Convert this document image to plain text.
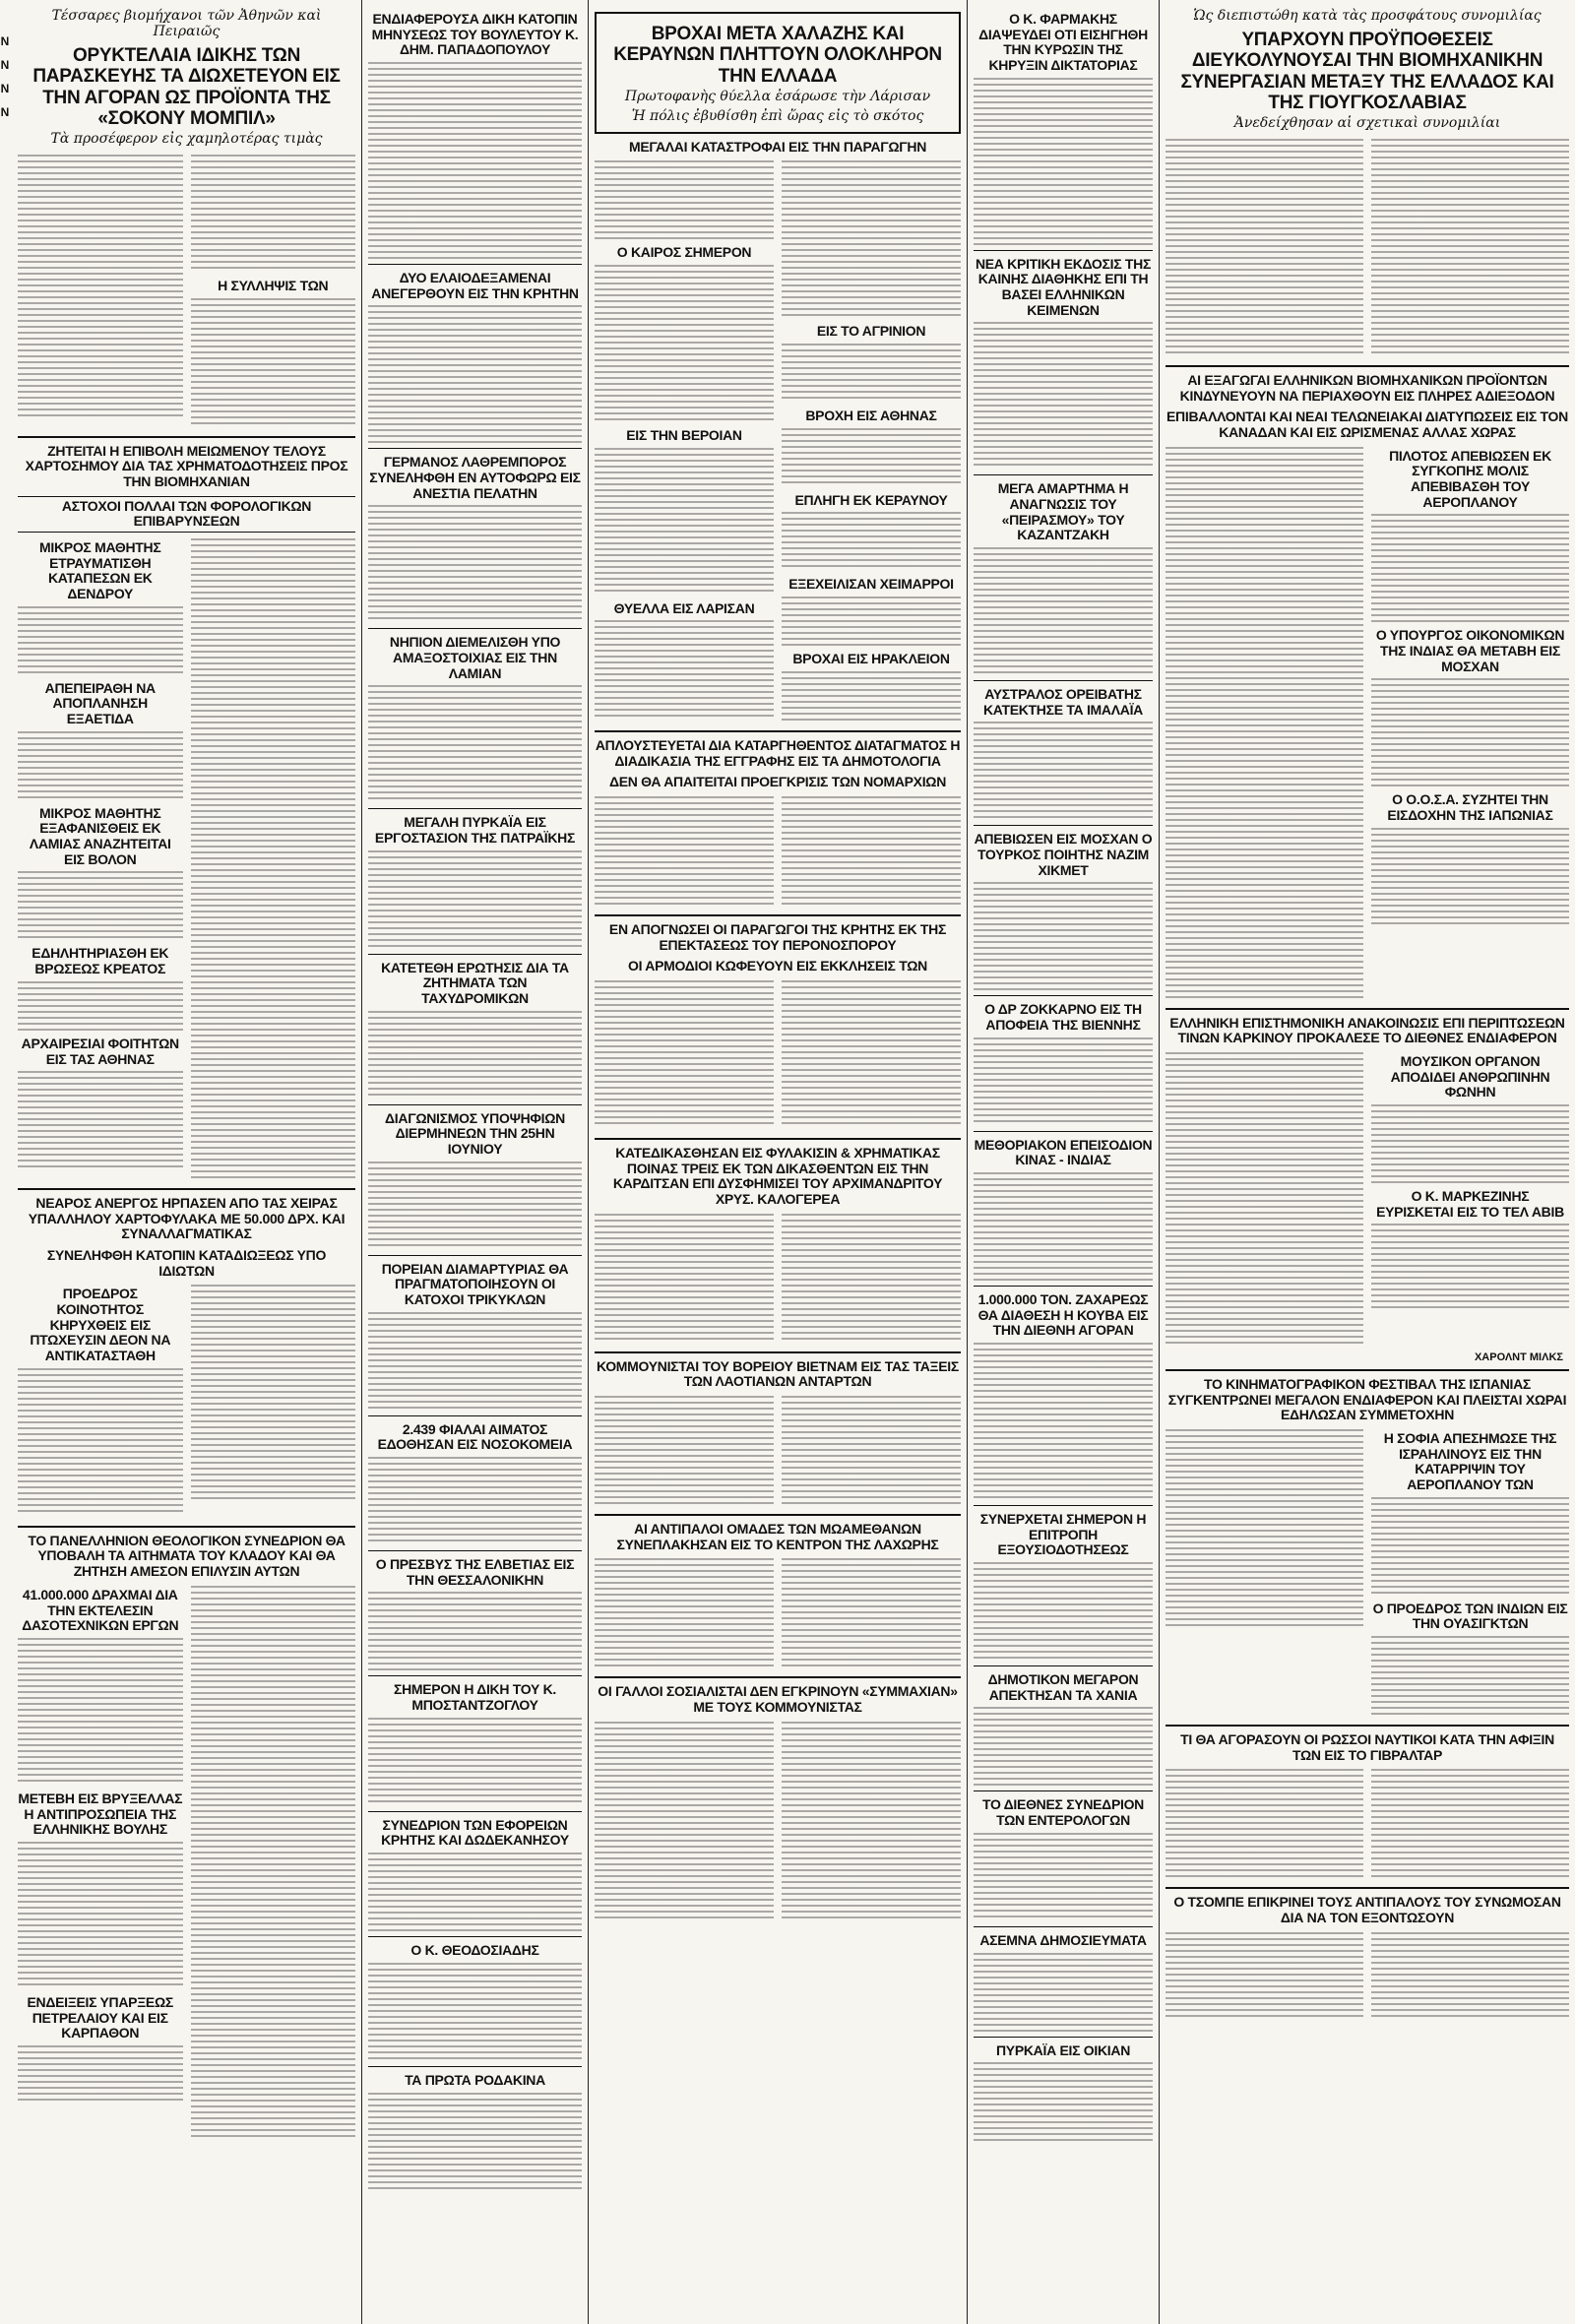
N
N
N
N
Τέσσαρες βιομήχανοι τῶν Ἀθηνῶν καὶ Πειραιῶς
ΟΡΥΚΤΕΛΑΙΑ ΙΔΙΚΗΣ ΤΩΝ ΠΑΡΑΣΚΕΥΗΣ ΤΑ ΔΙΩΧΕΤΕΥΟΝ ΕΙΣ ΤΗΝ ΑΓΟΡΑΝ ΩΣ ΠΡΟΪΟΝΤΑ ΤΗΣ «ΣΟΚΟΝΥ ΜΟΜΠΙΛ»
Τὰ προσέφερον εἰς χαμηλοτέρας τιμὰς
Η ΣΥΛΛΗΨΙΣ ΤΩΝ
ΖΗΤΕΙΤΑΙ Η ΕΠΙΒΟΛΗ ΜΕΙΩΜΕΝΟΥ ΤΕΛΟΥΣ ΧΑΡΤΟΣΗΜΟΥ ΔΙΑ ΤΑΣ ΧΡΗΜΑΤΟΔΟΤΗΣΕΙΣ ΠΡΟΣ ΤΗΝ ΒΙΟΜΗΧΑΝΙΑΝ
ΑΣΤΟΧΟΙ ΠΟΛΛΑΙ ΤΩΝ ΦΟΡΟΛΟΓΙΚΩΝ ΕΠΙΒΑΡΥΝΣΕΩΝ
ΜΙΚΡΟΣ ΜΑΘΗΤΗΣ ΕΤΡΑΥΜΑΤΙΣΘΗ ΚΑΤΑΠΕΣΩΝ ΕΚ ΔΕΝΔΡΟΥ
ΑΠΕΠΕΙΡΑΘΗ ΝΑ ΑΠΟΠΛΑΝΗΣΗ ΕΞΑΕΤΙΔΑ
ΜΙΚΡΟΣ ΜΑΘΗΤΗΣ ΕΞΑΦΑΝΙΣΘΕΙΣ ΕΚ ΛΑΜΙΑΣ ΑΝΑΖΗΤΕΙΤΑΙ ΕΙΣ ΒΟΛΟΝ
ΕΔΗΛΗΤΗΡΙΑΣΘΗ ΕΚ ΒΡΩΣΕΩΣ ΚΡΕΑΤΟΣ
ΑΡΧΑΙΡΕΣΙΑΙ ΦΟΙΤΗΤΩΝ ΕΙΣ ΤΑΣ ΑΘΗΝΑΣ
ΝΕΑΡΟΣ ΑΝΕΡΓΟΣ ΗΡΠΑΣΕΝ ΑΠΟ ΤΑΣ ΧΕΙΡΑΣ ΥΠΑΛΛΗΛΟΥ ΧΑΡΤΟΦΥΛΑΚΑ ΜΕ 50.000 ΔΡΧ. ΚΑΙ ΣΥΝΑΛΛΑΓΜΑΤΙΚΑΣ
ΣΥΝΕΛΗΦΘΗ ΚΑΤΟΠΙΝ ΚΑΤΑΔΙΩΞΕΩΣ ΥΠΟ ΙΔΙΩΤΩΝ
ΠΡΟΕΔΡΟΣ ΚΟΙΝΟΤΗΤΟΣ ΚΗΡΥΧΘΕΙΣ ΕΙΣ ΠΤΩΧΕΥΣΙΝ ΔΕΟΝ ΝΑ ΑΝΤΙΚΑΤΑΣΤΑΘΗ
ΤΟ ΠΑΝΕΛΛΗΝΙΟΝ ΘΕΟΛΟΓΙΚΟΝ ΣΥΝΕΔΡΙΟΝ ΘΑ ΥΠΟΒΑΛΗ ΤΑ ΑΙΤΗΜΑΤΑ ΤΟΥ ΚΛΑΔΟΥ ΚΑΙ ΘΑ ΖΗΤΗΣΗ ΑΜΕΣΟΝ ΕΠΙΛΥΣΙΝ ΑΥΤΩΝ
41.000.000 ΔΡΑΧΜΑΙ ΔΙΑ ΤΗΝ ΕΚΤΕΛΕΣΙΝ ΔΑΣΟΤΕΧΝΙΚΩΝ ΕΡΓΩΝ
ΜΕΤΕΒΗ ΕΙΣ ΒΡΥΞΕΛΛΑΣ Η ΑΝΤΙΠΡΟΣΩΠΕΙΑ ΤΗΣ ΕΛΛΗΝΙΚΗΣ ΒΟΥΛΗΣ
ΕΝΔΕΙΞΕΙΣ ΥΠΑΡΞΕΩΣ ΠΕΤΡΕΛΑΙΟΥ ΚΑΙ ΕΙΣ ΚΑΡΠΑΘΟΝ
ΕΝΔΙΑΦΕΡΟΥΣΑ ΔΙΚΗ ΚΑΤΟΠΙΝ ΜΗΝΥΣΕΩΣ ΤΟΥ ΒΟΥΛΕΥΤΟΥ Κ. ΔΗΜ. ΠΑΠΑΔΟΠΟΥΛΟΥ
ΔΥΟ ΕΛΑΙΟΔΕΞΑΜΕΝΑΙ ΑΝΕΓΕΡΘΟΥΝ ΕΙΣ ΤΗΝ ΚΡΗΤΗΝ
ΓΕΡΜΑΝΟΣ ΛΑΘΡΕΜΠΟΡΟΣ ΣΥΝΕΛΗΦΘΗ ΕΝ ΑΥΤΟΦΩΡΩ ΕΙΣ ΑΝΕΣΤΙΑ ΠΕΛΑΤΗΝ
ΝΗΠΙΟΝ ΔΙΕΜΕΛΙΣΘΗ ΥΠΟ ΑΜΑΞΟΣΤΟΙΧΙΑΣ ΕΙΣ ΤΗΝ ΛΑΜΙΑΝ
ΜΕΓΑΛΗ ΠΥΡΚΑΪΑ ΕΙΣ ΕΡΓΟΣΤΑΣΙΟΝ ΤΗΣ ΠΑΤΡΑΪΚΗΣ
ΚΑΤΕΤΕΘΗ ΕΡΩΤΗΣΙΣ ΔΙΑ ΤΑ ΖΗΤΗΜΑΤΑ ΤΩΝ ΤΑΧΥΔΡΟΜΙΚΩΝ
ΔΙΑΓΩΝΙΣΜΟΣ ΥΠΟΨΗΦΙΩΝ ΔΙΕΡΜΗΝΕΩΝ ΤΗΝ 25ΗΝ ΙΟΥΝΙΟΥ
ΠΟΡΕΙΑΝ ΔΙΑΜΑΡΤΥΡΙΑΣ ΘΑ ΠΡΑΓΜΑΤΟΠΟΙΗΣΟΥΝ ΟΙ ΚΑΤΟΧΟΙ ΤΡΙΚΥΚΛΩΝ
2.439 ΦΙΑΛΑΙ ΑΙΜΑΤΟΣ ΕΔΟΘΗΣΑΝ ΕΙΣ ΝΟΣΟΚΟΜΕΙΑ
Ο ΠΡΕΣΒΥΣ ΤΗΣ ΕΛΒΕΤΙΑΣ ΕΙΣ ΤΗΝ ΘΕΣΣΑΛΟΝΙΚΗΝ
ΣΗΜΕΡΟΝ Η ΔΙΚΗ ΤΟΥ Κ. ΜΠΟΣΤΑΝΤΖΟΓΛΟΥ
ΣΥΝΕΔΡΙΟΝ ΤΩΝ ΕΦΟΡΕΙΩΝ ΚΡΗΤΗΣ ΚΑΙ ΔΩΔΕΚΑΝΗΣΟΥ
Ο Κ. ΘΕΟΔΟΣΙΑΔΗΣ
ΤΑ ΠΡΩΤΑ ΡΟΔΑΚΙΝΑ
ΒΡΟΧΑΙ ΜΕΤΑ ΧΑΛΑΖΗΣ ΚΑΙ ΚΕΡΑΥΝΩΝ ΠΛΗΤΤΟΥΝ ΟΛΟΚΛΗΡΟΝ ΤΗΝ ΕΛΛΑΔΑ
Πρωτοφανὴς θύελλα ἐσάρωσε τὴν Λάρισαν
Ἡ πόλις ἐβυθίσθη ἐπὶ ὥρας εἰς τὸ σκότος
ΜΕΓΑΛΑΙ ΚΑΤΑΣΤΡΟΦΑΙ ΕΙΣ ΤΗΝ ΠΑΡΑΓΩΓΗΝ
Ο ΚΑΙΡΟΣ ΣΗΜΕΡΟΝ
ΕΙΣ ΤΗΝ ΒΕΡΟΙΑΝ
ΘΥΕΛΛΑ ΕΙΣ ΛΑΡΙΣΑΝ
ΕΙΣ ΤΟ ΑΓΡΙΝΙΟΝ
ΒΡΟΧΗ ΕΙΣ ΑΘΗΝΑΣ
ΕΠΛΗΓΗ ΕΚ ΚΕΡΑΥΝΟΥ
ΕΞΕΧΕΙΛΙΣΑΝ ΧΕΙΜΑΡΡΟΙ
ΒΡΟΧΑΙ ΕΙΣ ΗΡΑΚΛΕΙΟΝ
ΑΠΛΟΥΣΤΕΥΕΤΑΙ ΔΙΑ ΚΑΤΑΡΓΗΘΕΝΤΟΣ ΔΙΑΤΑΓΜΑΤΟΣ Η ΔΙΑΔΙΚΑΣΙΑ ΤΗΣ ΕΓΓΡΑΦΗΣ ΕΙΣ ΤΑ ΔΗΜΟΤΟΛΟΓΙΑ
ΔΕΝ ΘΑ ΑΠΑΙΤΕΙΤΑΙ ΠΡΟΕΓΚΡΙΣΙΣ ΤΩΝ ΝΟΜΑΡΧΙΩΝ
ΕΝ ΑΠΟΓΝΩΣΕΙ ΟΙ ΠΑΡΑΓΩΓΟΙ ΤΗΣ ΚΡΗΤΗΣ ΕΚ ΤΗΣ ΕΠΕΚΤΑΣΕΩΣ ΤΟΥ ΠΕΡΟΝΟΣΠΟΡΟΥ
ΟΙ ΑΡΜΟΔΙΟΙ ΚΩΦΕΥΟΥΝ ΕΙΣ ΕΚΚΛΗΣΕΙΣ ΤΩΝ
ΚΑΤΕΔΙΚΑΣΘΗΣΑΝ ΕΙΣ ΦΥΛΑΚΙΣΙΝ & ΧΡΗΜΑΤΙΚΑΣ ΠΟΙΝΑΣ ΤΡΕΙΣ ΕΚ ΤΩΝ ΔΙΚΑΣΘΕΝΤΩΝ ΕΙΣ ΤΗΝ ΚΑΡΔΙΤΣΑΝ ΕΠΙ ΔΥΣΦΗΜΙΣΕΙ ΤΟΥ ΑΡΧΙΜΑΝΔΡΙΤΟΥ ΧΡΥΣ. ΚΑΛΟΓΕΡΕΑ
ΚΟΜΜΟΥΝΙΣΤΑΙ ΤΟΥ ΒΟΡΕΙΟΥ ΒΙΕΤΝΑΜ ΕΙΣ ΤΑΣ ΤΑΞΕΙΣ ΤΩΝ ΛΑΟΤΙΑΝΩΝ ΑΝΤΑΡΤΩΝ
ΑΙ ΑΝΤΙΠΑΛΟΙ ΟΜΑΔΕΣ ΤΩΝ ΜΩΑΜΕΘΑΝΩΝ ΣΥΝΕΠΛΑΚΗΣΑΝ ΕΙΣ ΤΟ ΚΕΝΤΡΟΝ ΤΗΣ ΛΑΧΩΡΗΣ
ΟΙ ΓΑΛΛΟΙ ΣΟΣΙΑΛΙΣΤΑΙ ΔΕΝ ΕΓΚΡΙΝΟΥΝ «ΣΥΜΜΑΧΙΑΝ» ΜΕ ΤΟΥΣ ΚΟΜΜΟΥΝΙΣΤΑΣ
Ο Κ. ΦΑΡΜΑΚΗΣ ΔΙΑΨΕΥΔΕΙ ΟΤΙ ΕΙΣΗΓΗΘΗ ΤΗΝ ΚΥΡΩΣΙΝ ΤΗΣ ΚΗΡΥΞΙΝ ΔΙΚΤΑΤΟΡΙΑΣ
ΝΕΑ ΚΡΙΤΙΚΗ ΕΚΔΟΣΙΣ ΤΗΣ ΚΑΙΝΗΣ ΔΙΑΘΗΚΗΣ ΕΠΙ ΤΗ ΒΑΣΕΙ ΕΛΛΗΝΙΚΩΝ ΚΕΙΜΕΝΩΝ
ΜΕΓΑ ΑΜΑΡΤΗΜΑ Η ΑΝΑΓΝΩΣΙΣ ΤΟΥ «ΠΕΙΡΑΣΜΟΥ» ΤΟΥ ΚΑΖΑΝΤΖΑΚΗ
ΑΥΣΤΡΑΛΟΣ ΟΡΕΙΒΑΤΗΣ ΚΑΤΕΚΤΗΣΕ ΤΑ ΙΜΑΛΑΪΑ
ΑΠΕΒΙΩΣΕΝ ΕΙΣ ΜΟΣΧΑΝ Ο ΤΟΥΡΚΟΣ ΠΟΙΗΤΗΣ ΝΑΖΙΜ ΧΙΚΜΕΤ
Ο ΔΡ ΖΟΚΚΑΡΝΟ ΕΙΣ ΤΗ ΑΠΟΦΕΙΑ ΤΗΣ ΒΙΕΝΝΗΣ
ΜΕΘΟΡΙΑΚΟΝ ΕΠΕΙΣΟΔΙΟΝ ΚΙΝΑΣ - ΙΝΔΙΑΣ
1.000.000 ΤΟΝ. ΖΑΧΑΡΕΩΣ ΘΑ ΔΙΑΘΕΣΗ Η ΚΟΥΒΑ ΕΙΣ ΤΗΝ ΔΙΕΘΝΗ ΑΓΟΡΑΝ
ΣΥΝΕΡΧΕΤΑΙ ΣΗΜΕΡΟΝ Η ΕΠΙΤΡΟΠΗ ΕΞΟΥΣΙΟΔΟΤΗΣΕΩΣ
ΔΗΜΟΤΙΚΟΝ ΜΕΓΑΡΟΝ ΑΠΕΚΤΗΣΑΝ ΤΑ ΧΑΝΙΑ
ΤΟ ΔΙΕΘΝΕΣ ΣΥΝΕΔΡΙΟΝ ΤΩΝ ΕΝΤΕΡΟΛΟΓΩΝ
ΑΣΕΜΝΑ ΔΗΜΟΣΙΕΥΜΑΤΑ
ΠΥΡΚΑΪΑ ΕΙΣ ΟΙΚΙΑΝ
Ὡς διεπιστώθη κατὰ τὰς προσφάτους συνομιλίας
ΥΠΑΡΧΟΥΝ ΠΡΟΫΠΟΘΕΣΕΙΣ ΔΙΕΥΚΟΛΥΝΟΥΣΑΙ ΤΗΝ ΒΙΟΜΗΧΑΝΙΚΗΝ ΣΥΝΕΡΓΑΣΙΑΝ ΜΕΤΑΞΥ ΤΗΣ ΕΛΛΑΔΟΣ ΚΑΙ ΤΗΣ ΓΙΟΥΓΚΟΣΛΑΒΙΑΣ
Ἀνεδείχθησαν αἱ σχετικαὶ συνομιλίαι
ΑΙ ΕΞΑΓΩΓΑΙ ΕΛΛΗΝΙΚΩΝ ΒΙΟΜΗΧΑΝΙΚΩΝ ΠΡΟΪΟΝΤΩΝ ΚΙΝΔΥΝΕΥΟΥΝ ΝΑ ΠΕΡΙΑΧΘΟΥΝ ΕΙΣ ΠΛΗΡΕΣ ΑΔΙΕΞΟΔΟΝ
ΕΠΙΒΑΛΛΟΝΤΑΙ ΚΑΙ ΝΕΑΙ ΤΕΛΩΝΕΙΑΚΑΙ ΔΙΑΤΥΠΩΣΕΙΣ ΕΙΣ ΤΟΝ ΚΑΝΑΔΑΝ ΚΑΙ ΕΙΣ ΩΡΙΣΜΕΝΑΣ ΑΛΛΑΣ ΧΩΡΑΣ
ΠΙΛΟΤΟΣ ΑΠΕΒΙΩΣΕΝ ΕΚ ΣΥΓΚΟΠΗΣ ΜΟΛΙΣ ΑΠΕΒΙΒΑΣΘΗ ΤΟΥ ΑΕΡΟΠΛΑΝΟΥ
Ο ΥΠΟΥΡΓΟΣ ΟΙΚΟΝΟΜΙΚΩΝ ΤΗΣ ΙΝΔΙΑΣ ΘΑ ΜΕΤΑΒΗ ΕΙΣ ΜΟΣΧΑΝ
Ο Ο.Ο.Σ.Α. ΣΥΖΗΤΕΙ ΤΗΝ ΕΙΣΔΟΧΗΝ ΤΗΣ ΙΑΠΩΝΙΑΣ
ΕΛΛΗΝΙΚΗ ΕΠΙΣΤΗΜΟΝΙΚΗ ΑΝΑΚΟΙΝΩΣΙΣ ΕΠΙ ΠΕΡΙΠΤΩΣΕΩΝ ΤΙΝΩΝ ΚΑΡΚΙΝΟΥ ΠΡΟΚΑΛΕΣΕ ΤΟ ΔΙΕΘΝΕΣ ΕΝΔΙΑΦΕΡΟΝ
ΜΟΥΣΙΚΟΝ ΟΡΓΑΝΟΝ ΑΠΟΔΙΔΕΙ ΑΝΘΡΩΠΙΝΗΝ ΦΩΝΗΝ
Ο Κ. ΜΑΡΚΕΖΙΝΗΣ ΕΥΡΙΣΚΕΤΑΙ ΕΙΣ ΤΟ ΤΕΛ ΑΒΙΒ
ΧΑΡΟΛΝΤ ΜΙΛΚΣ
ΤΟ ΚΙΝΗΜΑΤΟΓΡΑΦΙΚΟΝ ΦΕΣΤΙΒΑΛ ΤΗΣ ΙΣΠΑΝΙΑΣ ΣΥΓΚΕΝΤΡΩΝΕΙ ΜΕΓΑΛΟΝ ΕΝΔΙΑΦΕΡΟΝ ΚΑΙ ΠΛΕΙΣΤΑΙ ΧΩΡΑΙ ΕΔΗΛΩΣΑΝ ΣΥΜΜΕΤΟΧΗΝ
Η ΣΟΦΙΑ ΑΠΕΣΗΜΩΣΕ ΤΗΣ ΙΣΡΑΗΛΙΝΟΥΣ ΕΙΣ ΤΗΝ ΚΑΤΑΡΡΙΨΙΝ ΤΟΥ ΑΕΡΟΠΛΑΝΟΥ ΤΩΝ
Ο ΠΡΟΕΔΡΟΣ ΤΩΝ ΙΝΔΙΩΝ ΕΙΣ ΤΗΝ ΟΥΑΣΙΓΚΤΩΝ
ΤΙ ΘΑ ΑΓΟΡΑΣΟΥΝ ΟΙ ΡΩΣΣΟΙ ΝΑΥΤΙΚΟΙ ΚΑΤΑ ΤΗΝ ΑΦΙΞΙΝ ΤΩΝ ΕΙΣ ΤΟ ΓΙΒΡΑΛΤΑΡ
Ο ΤΣΟΜΠΕ ΕΠΙΚΡΙΝΕΙ ΤΟΥΣ ΑΝΤΙΠΑΛΟΥΣ ΤΟΥ ΣΥΝΩΜΟΣΑΝ ΔΙΑ ΝΑ ΤΟΝ ΕΞΟΝΤΩΣΟΥΝ
